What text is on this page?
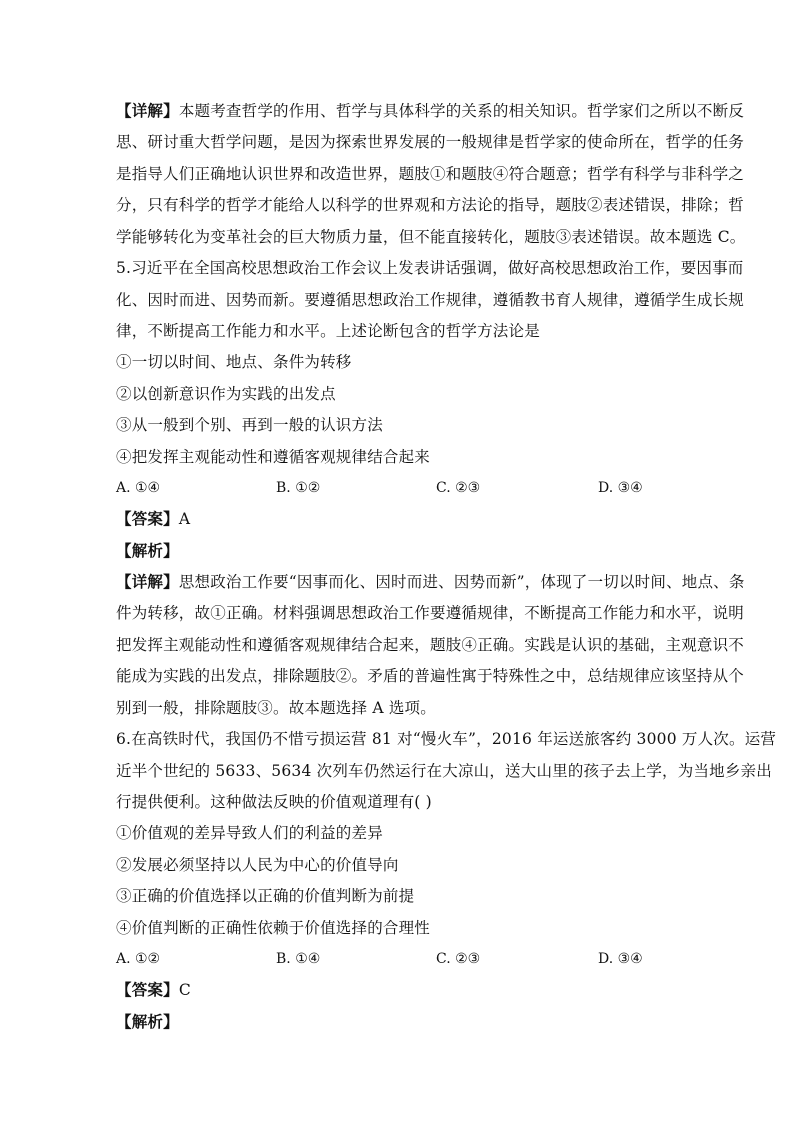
【详解】本题考查哲学的作用、哲学与具体科学的关系的相关知识。哲学家们之所以不断反
思、研讨重大哲学问题，是因为探索世界发展的一般规律是哲学家的使命所在，哲学的任务
是指导人们正确地认识世界和改造世界，题肢①和题肢④符合题意；哲学有科学与非科学之
分，只有科学的哲学才能给人以科学的世界观和方法论的指导，题肢②表述错误，排除；哲
学能够转化为变革社会的巨大物质力量，但不能直接转化，题肢③表述错误。故本题选 C。
5.习近平在全国高校思想政治工作会议上发表讲话强调，做好高校思想政治工作，要因事而
化、因时而进、因势而新。要遵循思想政治工作规律，遵循教书育人规律，遵循学生成长规
律，不断提高工作能力和水平。上述论断包含的哲学方法论是
①一切以时间、地点、条件为转移
②以创新意识作为实践的出发点
③从一般到个别、再到一般的认识方法
④把发挥主观能动性和遵循客观规律结合起来
A. ①④	B. ①②	C. ②③	D. ③④
【答案】A
【解析】
【详解】思想政治工作要“因事而化、因时而进、因势而新”，体现了一切以时间、地点、条
件为转移，故①正确。材料强调思想政治工作要遵循规律，不断提高工作能力和水平，说明
把发挥主观能动性和遵循客观规律结合起来，题肢④正确。实践是认识的基础，主观意识不
能成为实践的出发点，排除题肢②。矛盾的普遍性寓于特殊性之中，总结规律应该坚持从个
别到一般，排除题肢③。故本题选择 A 选项。
6.在高铁时代，我国仍不惜亏损运营 81 对“慢火车”，2016 年运送旅客约 3000 万人次。运营
近半个世纪的 5633、5634 次列车仍然运行在大凉山，送大山里的孩子去上学，为当地乡亲出
行提供便利。这种做法反映的价值观道理有( )
①价值观的差异导致人们的利益的差异
②发展必须坚持以人民为中心的价值导向
③正确的价值选择以正确的价值判断为前提
④价值判断的正确性依赖于价值选择的合理性
A. ①②	B. ①④	C. ②③	D. ③④
【答案】C
【解析】
